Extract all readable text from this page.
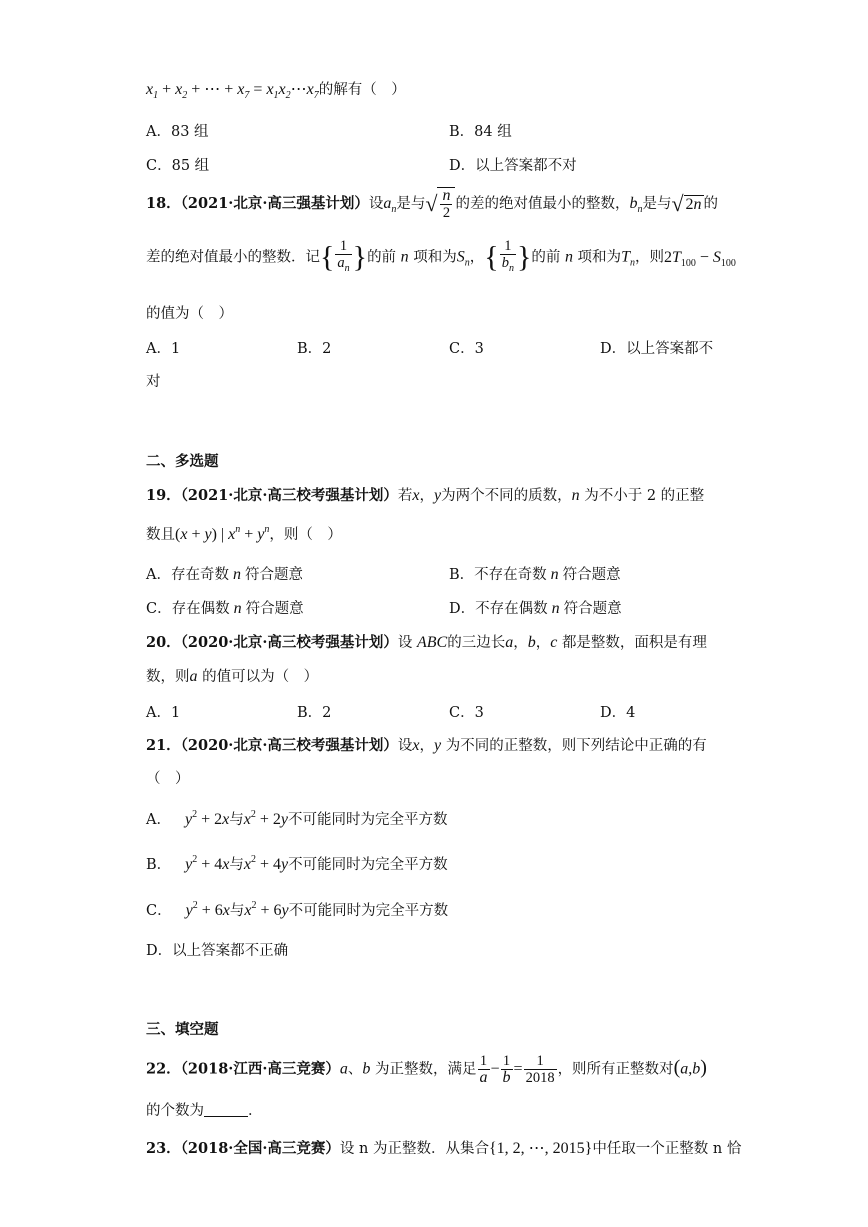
$x_1 + x_2$ + ⋯ + $x_7$ = $x_1x_2\cdots x_7$的解有（　）
A．83 组	B．84 组
C．85 组	D．以上答案都不对
18．（2021·北京·高三强基计划）设$a_n$是与√ $\frac{n}{2}$ 的差的绝对值最小的整数，$b_n$是与√ 2n 的
差的绝对值最小的整数．记{ $\frac{1}{a_n}$ }的前 n 项和为$S_n$，{ $\frac{1}{b_n}$ }的前 n 项和为$T_n$，则$2T_{100} - S_{100}$
的值为（　）
A．1	B．2	C．3	D．以上答案都不
对
二、多选题
19．（2021·北京·高三校考强基计划）若x，y为两个不同的质数，n 为不小于 2 的正整
数且(x + y) | $x^n + y^n$，则（　）
A．存在奇数 n 符合题意	B．不存在奇数 n 符合题意
C．存在偶数 n 符合题意	D．不存在偶数 n 符合题意
20．（2020·北京·高三校考强基计划）设 ABC的三边长a，b，c 都是整数，面积是有理
数，则a 的值可以为（　）
A．1	B．2	C．3	D．4
21．（2020·北京·高三校考强基计划）设x，y 为不同的正整数，则下列结论中正确的有
（　）
A． $y^2 + 2x$与$x^2 + 2y$不可能同时为完全平方数
B． $y^2 + 4x$与$x^2 + 4y$不可能同时为完全平方数
C． $y^2 + 6x$与$x^2 + 6y$不可能同时为完全平方数
D．以上答案都不正确
三、填空题
22．（2018·江西·高三竞赛）a、b 为正整数，满足 $\frac{1}{a} - \frac{1}{b} = \frac{1}{2018}$ ，则所有正整数对(a,b)
的个数为	．
23．（2018·全国·高三竞赛）设 n 为正整数．从集合{1, 2, ⋯, 2015}中任取一个正整数 n 恰
